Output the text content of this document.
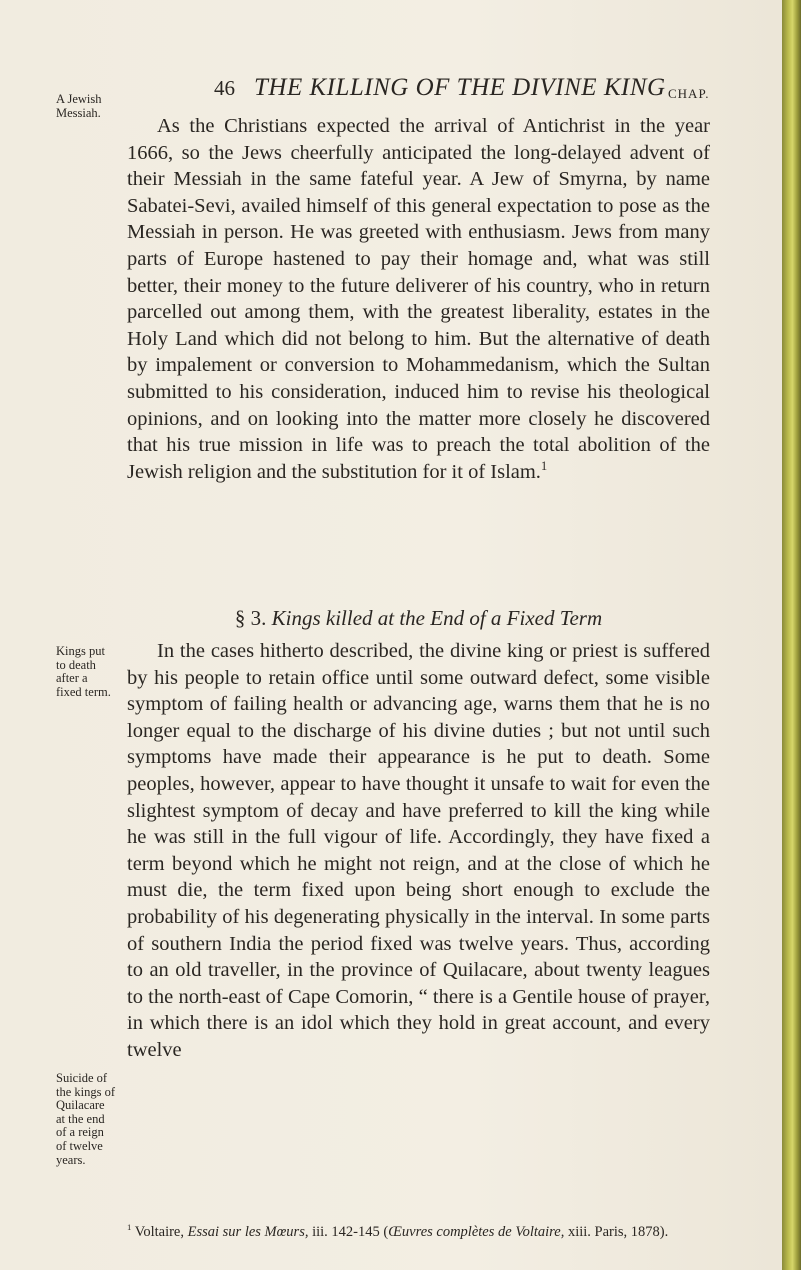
46 THE KILLING OF THE DIVINE KING CHAP.
A Jewish
Messiah.

As the Christians expected the arrival of Antichrist in the year 1666, so the Jews cheerfully anticipated the long-delayed advent of their Messiah in the same fateful year. A Jew of Smyrna, by name Sabatei-Sevi, availed himself of this general expectation to pose as the Messiah in person. He was greeted with enthusiasm. Jews from many parts of Europe hastened to pay their homage and, what was still better, their money to the future deliverer of his country, who in return parcelled out among them, with the greatest liberality, estates in the Holy Land which did not belong to him. But the alternative of death by impalement or conversion to Mohammedanism, which the Sultan submitted to his consideration, induced him to revise his theological opinions, and on looking into the matter more closely he discovered that his true mission in life was to preach the total abolition of the Jewish religion and the substitution for it of Islam.$^1$

§ 3. Kings killed at the End of a Fixed Term
Kings put
to death
after a
fixed term.

In the cases hitherto described, the divine king or priest is suffered by his people to retain office until some outward defect, some visible symptom of failing health or advancing age, warns them that he is no longer equal to the discharge of his divine duties ; but not until such symptoms have made their appearance is he put to death. Some peoples, however, appear to have thought it unsafe to wait for even the slightest symptom of decay and have preferred to kill the king while he was still in the full vigour of life. Accordingly, they have fixed a term beyond which he might not reign, and at the close of which he must die, the term fixed upon being short enough to exclude the probability of his degenerating physically in the interval. In some parts of southern India the period fixed was twelve years. Thus, according to an old traveller, in the province of Quilacare, about twenty leagues to the north-east of Cape Comorin, “ there is a Gentile house of prayer, in which there is an idol which they hold in great account, and every twelve

Suicide of
the kings of
Quilacare
at the end
of a reign
of twelve
years.
$^1$ Voltaire, Essai sur les Mœurs, iii. 142-145 (Œuvres complètes de Voltaire, xiii. Paris, 1878).
